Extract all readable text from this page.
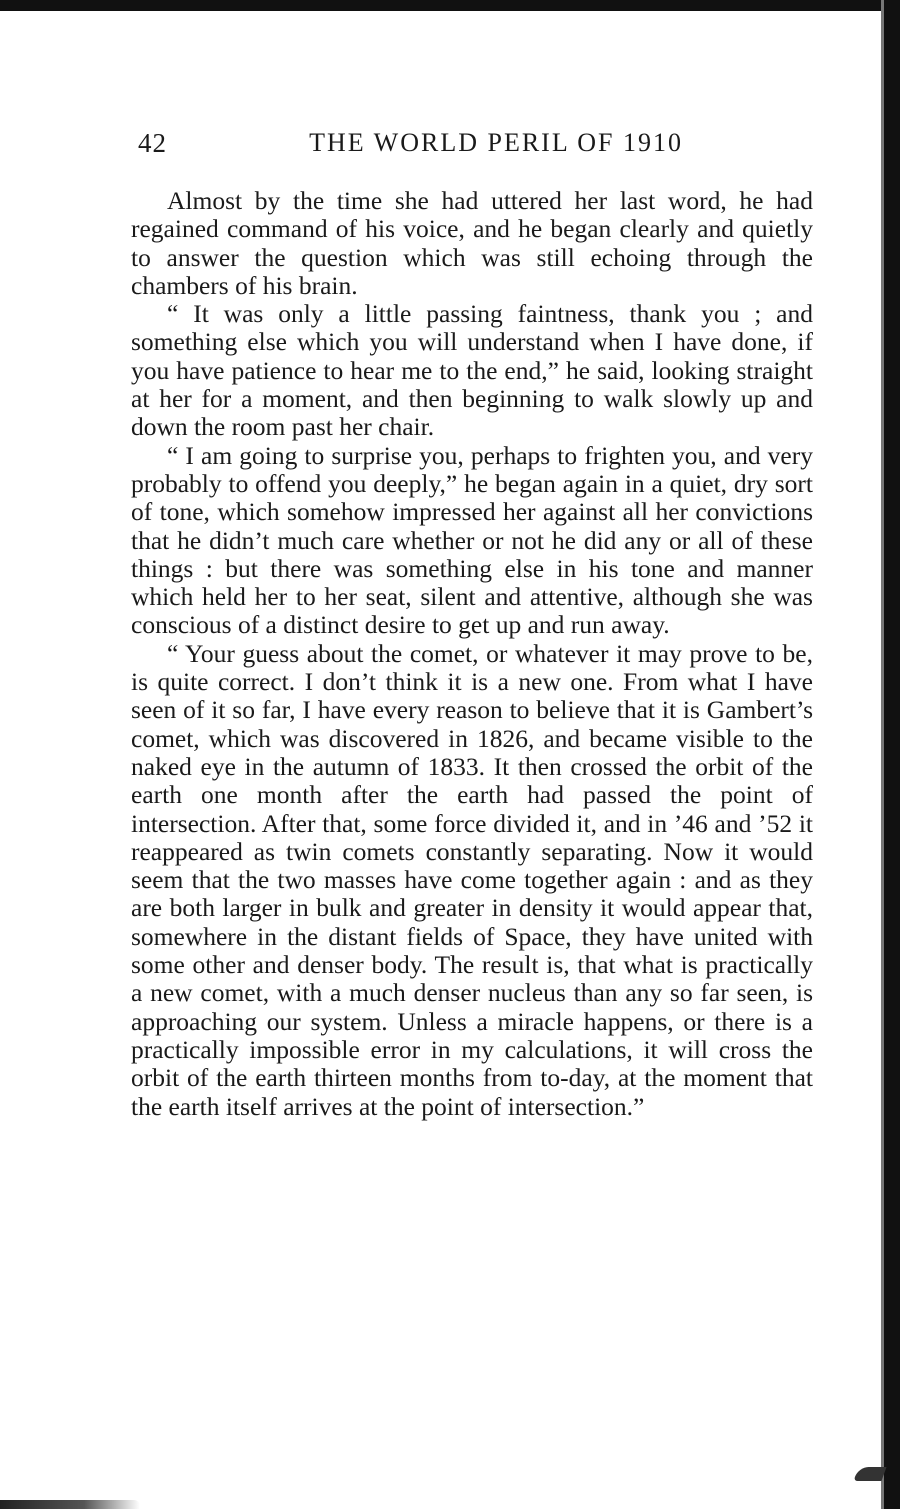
42	THE WORLD PERIL OF 1910

Almost by the time she had uttered her last word, he had regained command of his voice, and he began clearly and quietly to answer the question which was still echoing through the chambers of his brain.

“ It was only a little passing faintness, thank you ; and something else which you will understand when I have done, if you have patience to hear me to the end,” he said, looking straight at her for a moment, and then beginning to walk slowly up and down the room past her chair.

“ I am going to surprise you, perhaps to frighten you, and very probably to offend you deeply,” he began again in a quiet, dry sort of tone, which somehow impressed her against all her convictions that he didn’t much care whether or not he did any or all of these things : but there was something else in his tone and manner which held her to her seat, silent and attentive, although she was conscious of a distinct desire to get up and run away.

“ Your guess about the comet, or whatever it may prove to be, is quite correct. I don’t think it is a new one. From what I have seen of it so far, I have every reason to believe that it is Gambert’s comet, which was discovered in 1826, and became visible to the naked eye in the autumn of 1833. It then crossed the orbit of the earth one month after the earth had passed the point of intersection. After that, some force divided it, and in ’46 and ’52 it reappeared as twin comets constantly separating. Now it would seem that the two masses have come together again : and as they are both larger in bulk and greater in density it would appear that, somewhere in the distant fields of Space, they have united with some other and denser body. The result is, that what is practically a new comet, with a much denser nucleus than any so far seen, is approaching our system. Unless a miracle happens, or there is a practically impossible error in my calculations, it will cross the orbit of the earth thirteen months from to-day, at the moment that the earth itself arrives at the point of intersection.”
